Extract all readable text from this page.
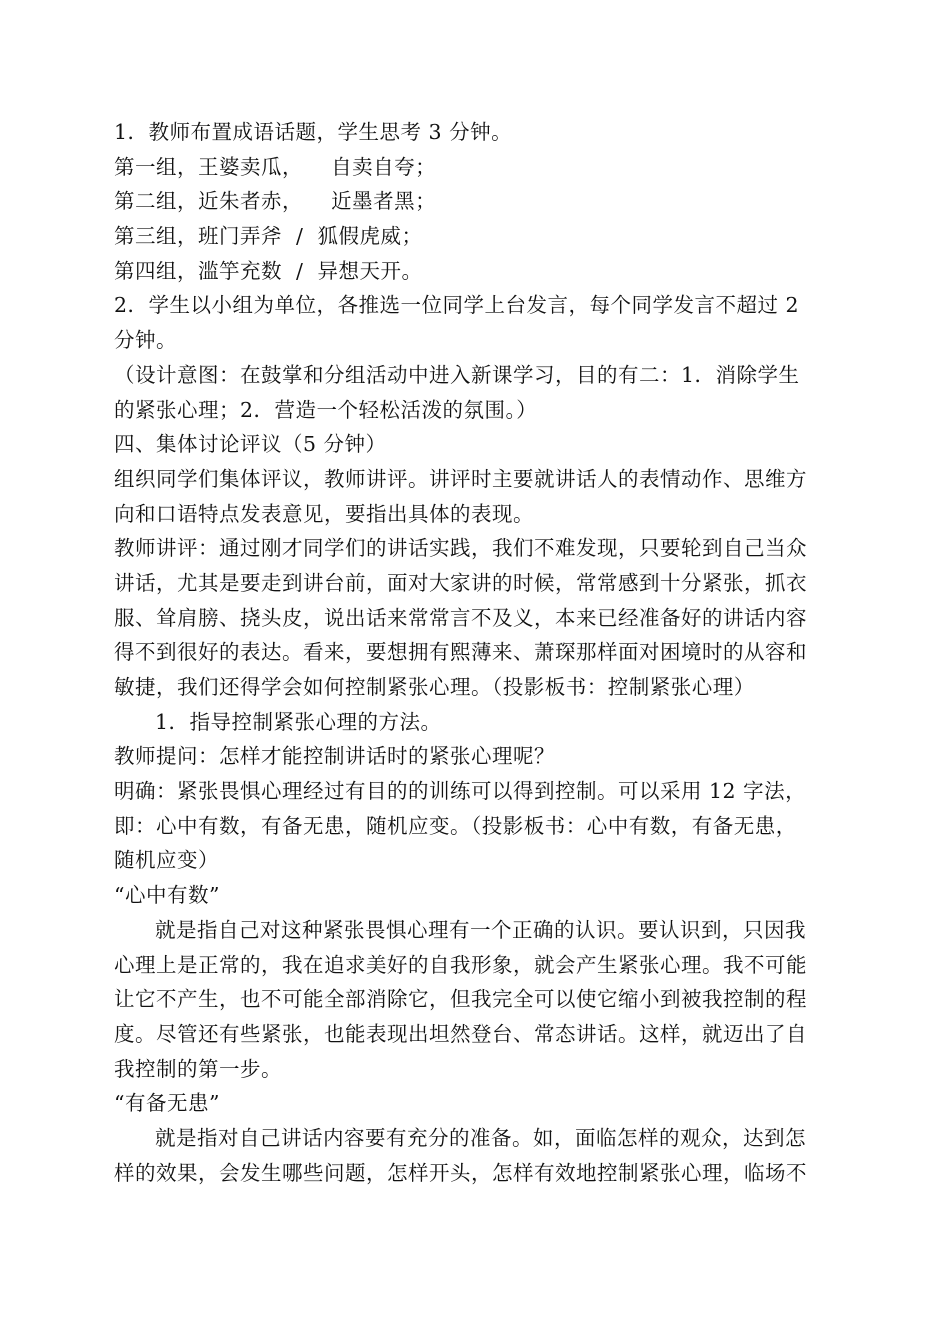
1．教师布置成语话题，学生思考 3 分钟。
第一组，王婆卖瓜，    自卖自夸；
第二组，近朱者赤，    近墨者黑；
第三组，班门弄斧  /  狐假虎威；
第四组，滥竽充数  /  异想天开。
2．学生以小组为单位，各推选一位同学上台发言，每个同学发言不超过 2
分钟。
（设计意图：在鼓掌和分组活动中进入新课学习，目的有二：1．消除学生
的紧张心理；2．营造一个轻松活泼的氛围。）
四、集体讨论评议（5 分钟）
组织同学们集体评议，教师讲评。讲评时主要就讲话人的表情动作、思维方
向和口语特点发表意见，要指出具体的表现。
教师讲评：通过刚才同学们的讲话实践，我们不难发现，只要轮到自己当众
讲话，尤其是要走到讲台前，面对大家讲的时候，常常感到十分紧张，抓衣
服、耸肩膀、挠头皮，说出话来常常言不及义，本来已经准备好的讲话内容
得不到很好的表达。看来，要想拥有熙薄来、萧琛那样面对困境时的从容和
敏捷，我们还得学会如何控制紧张心理。（投影板书：控制紧张心理）
1．指导控制紧张心理的方法。
教师提问：怎样才能控制讲话时的紧张心理呢？
明确：紧张畏惧心理经过有目的的训练可以得到控制。可以采用 12 字法，
即：心中有数，有备无患，随机应变。（投影板书：心中有数，有备无患，
随机应变）
“心中有数”
就是指自己对这种紧张畏惧心理有一个正确的认识。要认识到，只因我
心理上是正常的，我在追求美好的自我形象，就会产生紧张心理。我不可能
让它不产生，也不可能全部消除它，但我完全可以使它缩小到被我控制的程
度。尽管还有些紧张，也能表现出坦然登台、常态讲话。这样，就迈出了自
我控制的第一步。
“有备无患”
就是指对自己讲话内容要有充分的准备。如，面临怎样的观众，达到怎
样的效果，会发生哪些问题，怎样开头，怎样有效地控制紧张心理，临场不
